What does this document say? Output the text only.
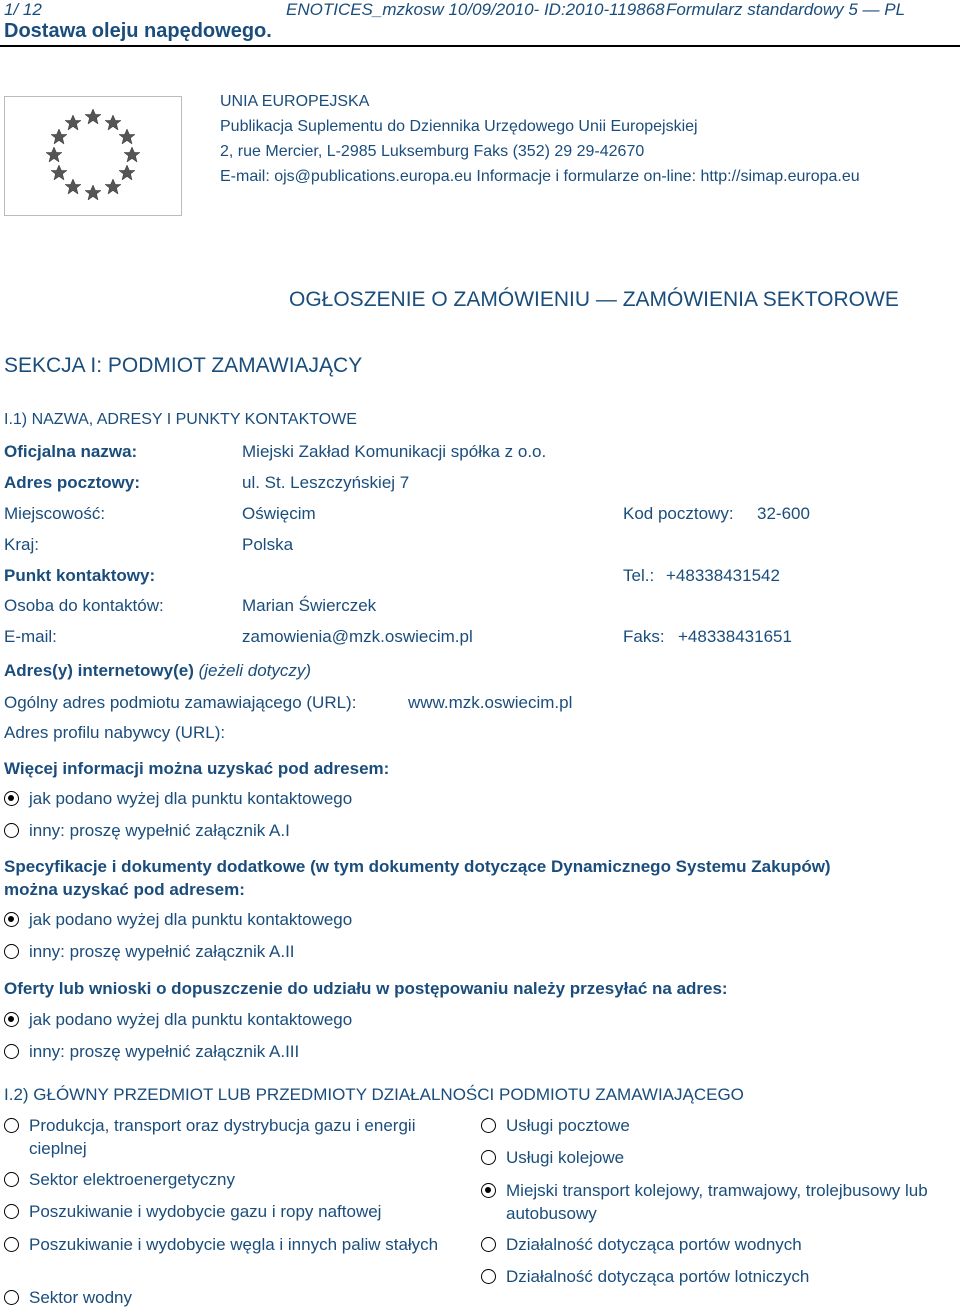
1/ 12	ENOTICES_mzkosw 10/09/2010- ID:2010-119868 Formularz standardowy 5 — PL
Dostawa oleju napędowego.
UNIA EUROPEJSKA
Publikacja Suplementu do Dziennika Urzędowego Unii Europejskiej
2, rue Mercier, L-2985 Luksemburg Faks (352) 29 29-42670
E-mail: ojs@publications.europa.eu Informacje i formularze on-line: http://simap.europa.eu
OGŁOSZENIE O ZAMÓWIENIU — ZAMÓWIENIA SEKTOROWE
SEKCJA I: PODMIOT ZAMAWIAJĄCY
I.1) NAZWA, ADRESY I PUNKTY KONTAKTOWE
Oficjalna nazwa:	Miejski Zakład Komunikacji spółka z o.o.
Adres pocztowy:	ul. St. Leszczyńskiej 7
Miejscowość:	Oświęcim	Kod pocztowy: 32-600
Kraj:	Polska
Punkt kontaktowy:	Tel.: +48338431542
Osoba do kontaktów:	Marian Świerczek
E-mail:	zamowienia@mzk.oswiecim.pl	Faks: +48338431651
Adres(y) internetowy(e) (jeżeli dotyczy)
Ogólny adres podmiotu zamawiającego (URL):	www.mzk.oswiecim.pl
Adres profilu nabywcy (URL):
Więcej informacji można uzyskać pod adresem:
jak podano wyżej dla punktu kontaktowego
inny: proszę wypełnić załącznik A.I
Specyfikacje i dokumenty dodatkowe (w tym dokumenty dotyczące Dynamicznego Systemu Zakupów)
można uzyskać pod adresem:
jak podano wyżej dla punktu kontaktowego
inny: proszę wypełnić załącznik A.II
Oferty lub wnioski o dopuszczenie do udziału w postępowaniu należy przesyłać na adres:
jak podano wyżej dla punktu kontaktowego
inny: proszę wypełnić załącznik A.III
I.2) GŁÓWNY PRZEDMIOT LUB PRZEDMIOTY DZIAŁALNOŚCI PODMIOTU ZAMAWIAJĄCEGO
Produkcja, transport oraz dystrybucja gazu i energii cieplnej
Sektor elektroenergetyczny
Poszukiwanie i wydobycie gazu i ropy naftowej
Poszukiwanie i wydobycie węgla i innych paliw stałych
Sektor wodny
Usługi pocztowe
Usługi kolejowe
Miejski transport kolejowy, tramwajowy, trolejbusowy lub autobusowy
Działalność dotycząca portów wodnych
Działalność dotycząca portów lotniczych
